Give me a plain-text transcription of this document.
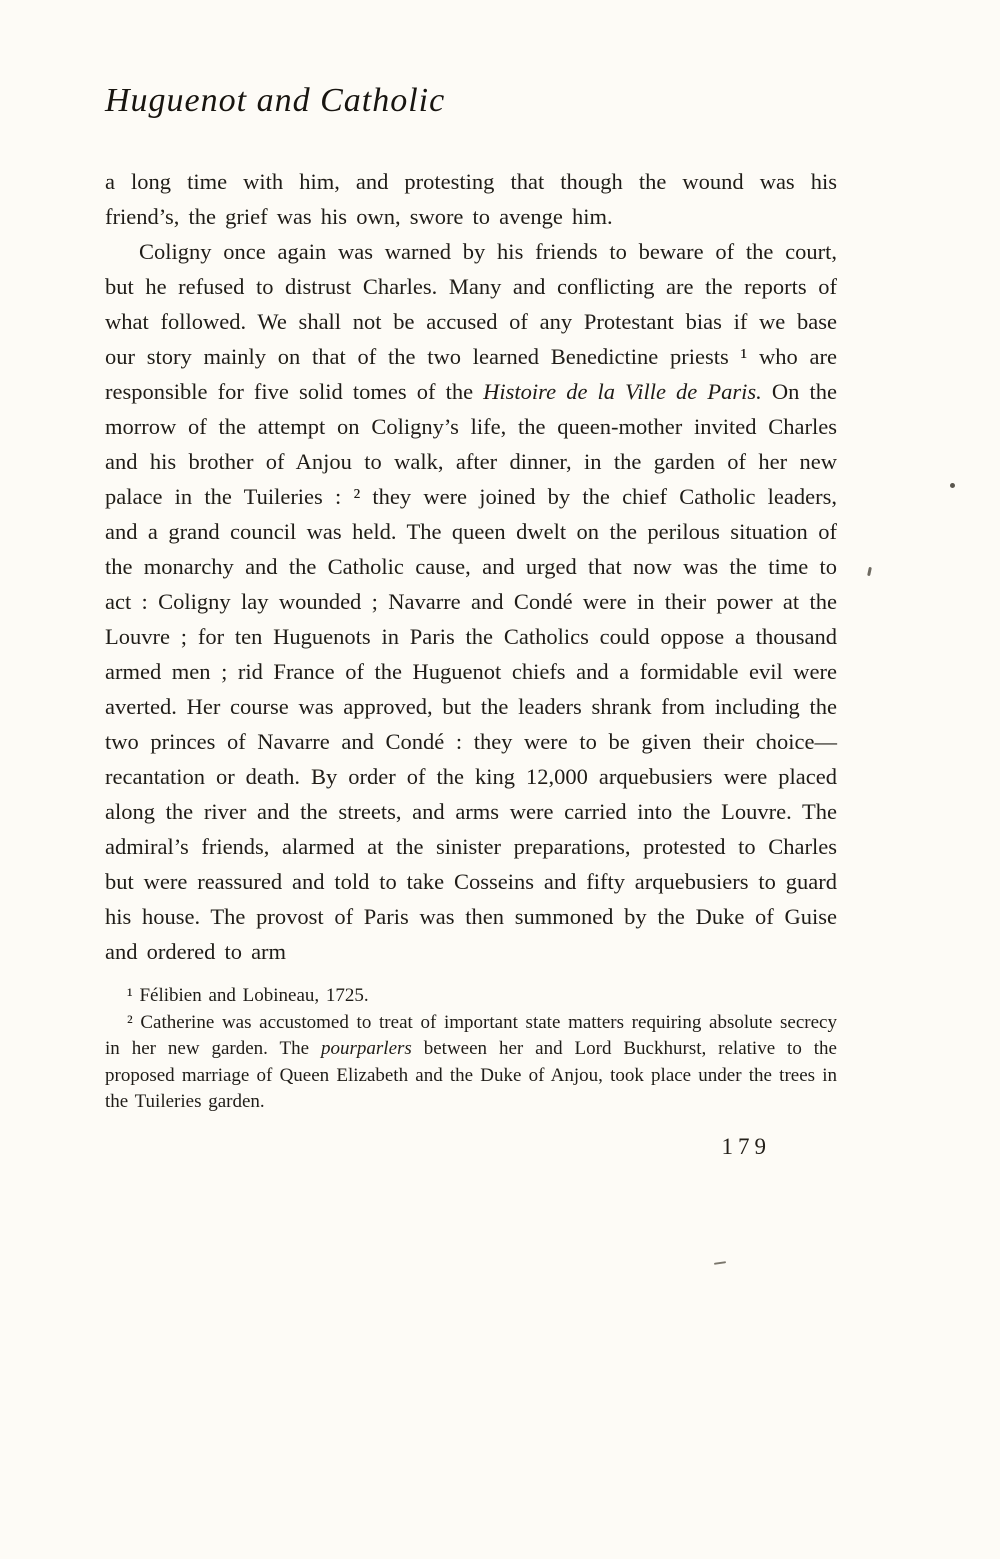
Huguenot and Catholic

a long time with him, and protesting that though the wound was his friend’s, the grief was his own, swore to avenge him.

Coligny once again was warned by his friends to beware of the court, but he refused to distrust Charles. Many and conflicting are the reports of what followed. We shall not be accused of any Protestant bias if we base our story mainly on that of the two learned Benedictine priests ¹ who are responsible for five solid tomes of the Histoire de la Ville de Paris. On the morrow of the attempt on Coligny’s life, the queen-mother invited Charles and his brother of Anjou to walk, after dinner, in the garden of her new palace in the Tuileries : ² they were joined by the chief Catholic leaders, and a grand council was held. The queen dwelt on the perilous situation of the monarchy and the Catholic cause, and urged that now was the time to act : Coligny lay wounded ; Navarre and Condé were in their power at the Louvre ; for ten Huguenots in Paris the Catholics could oppose a thousand armed men ; rid France of the Huguenot chiefs and a formidable evil were averted. Her course was approved, but the leaders shrank from including the two princes of Navarre and Condé : they were to be given their choice—recantation or death. By order of the king 12,000 arquebusiers were placed along the river and the streets, and arms were carried into the Louvre. The admiral’s friends, alarmed at the sinister preparations, protested to Charles but were reassured and told to take Cosseins and fifty arquebusiers to guard his house. The provost of Paris was then summoned by the Duke of Guise and ordered to arm

¹ Félibien and Lobineau, 1725.

² Catherine was accustomed to treat of important state matters requiring absolute secrecy in her new garden. The pourparlers between her and Lord Buckhurst, relative to the proposed marriage of Queen Elizabeth and the Duke of Anjou, took place under the trees in the Tuileries garden.

179
